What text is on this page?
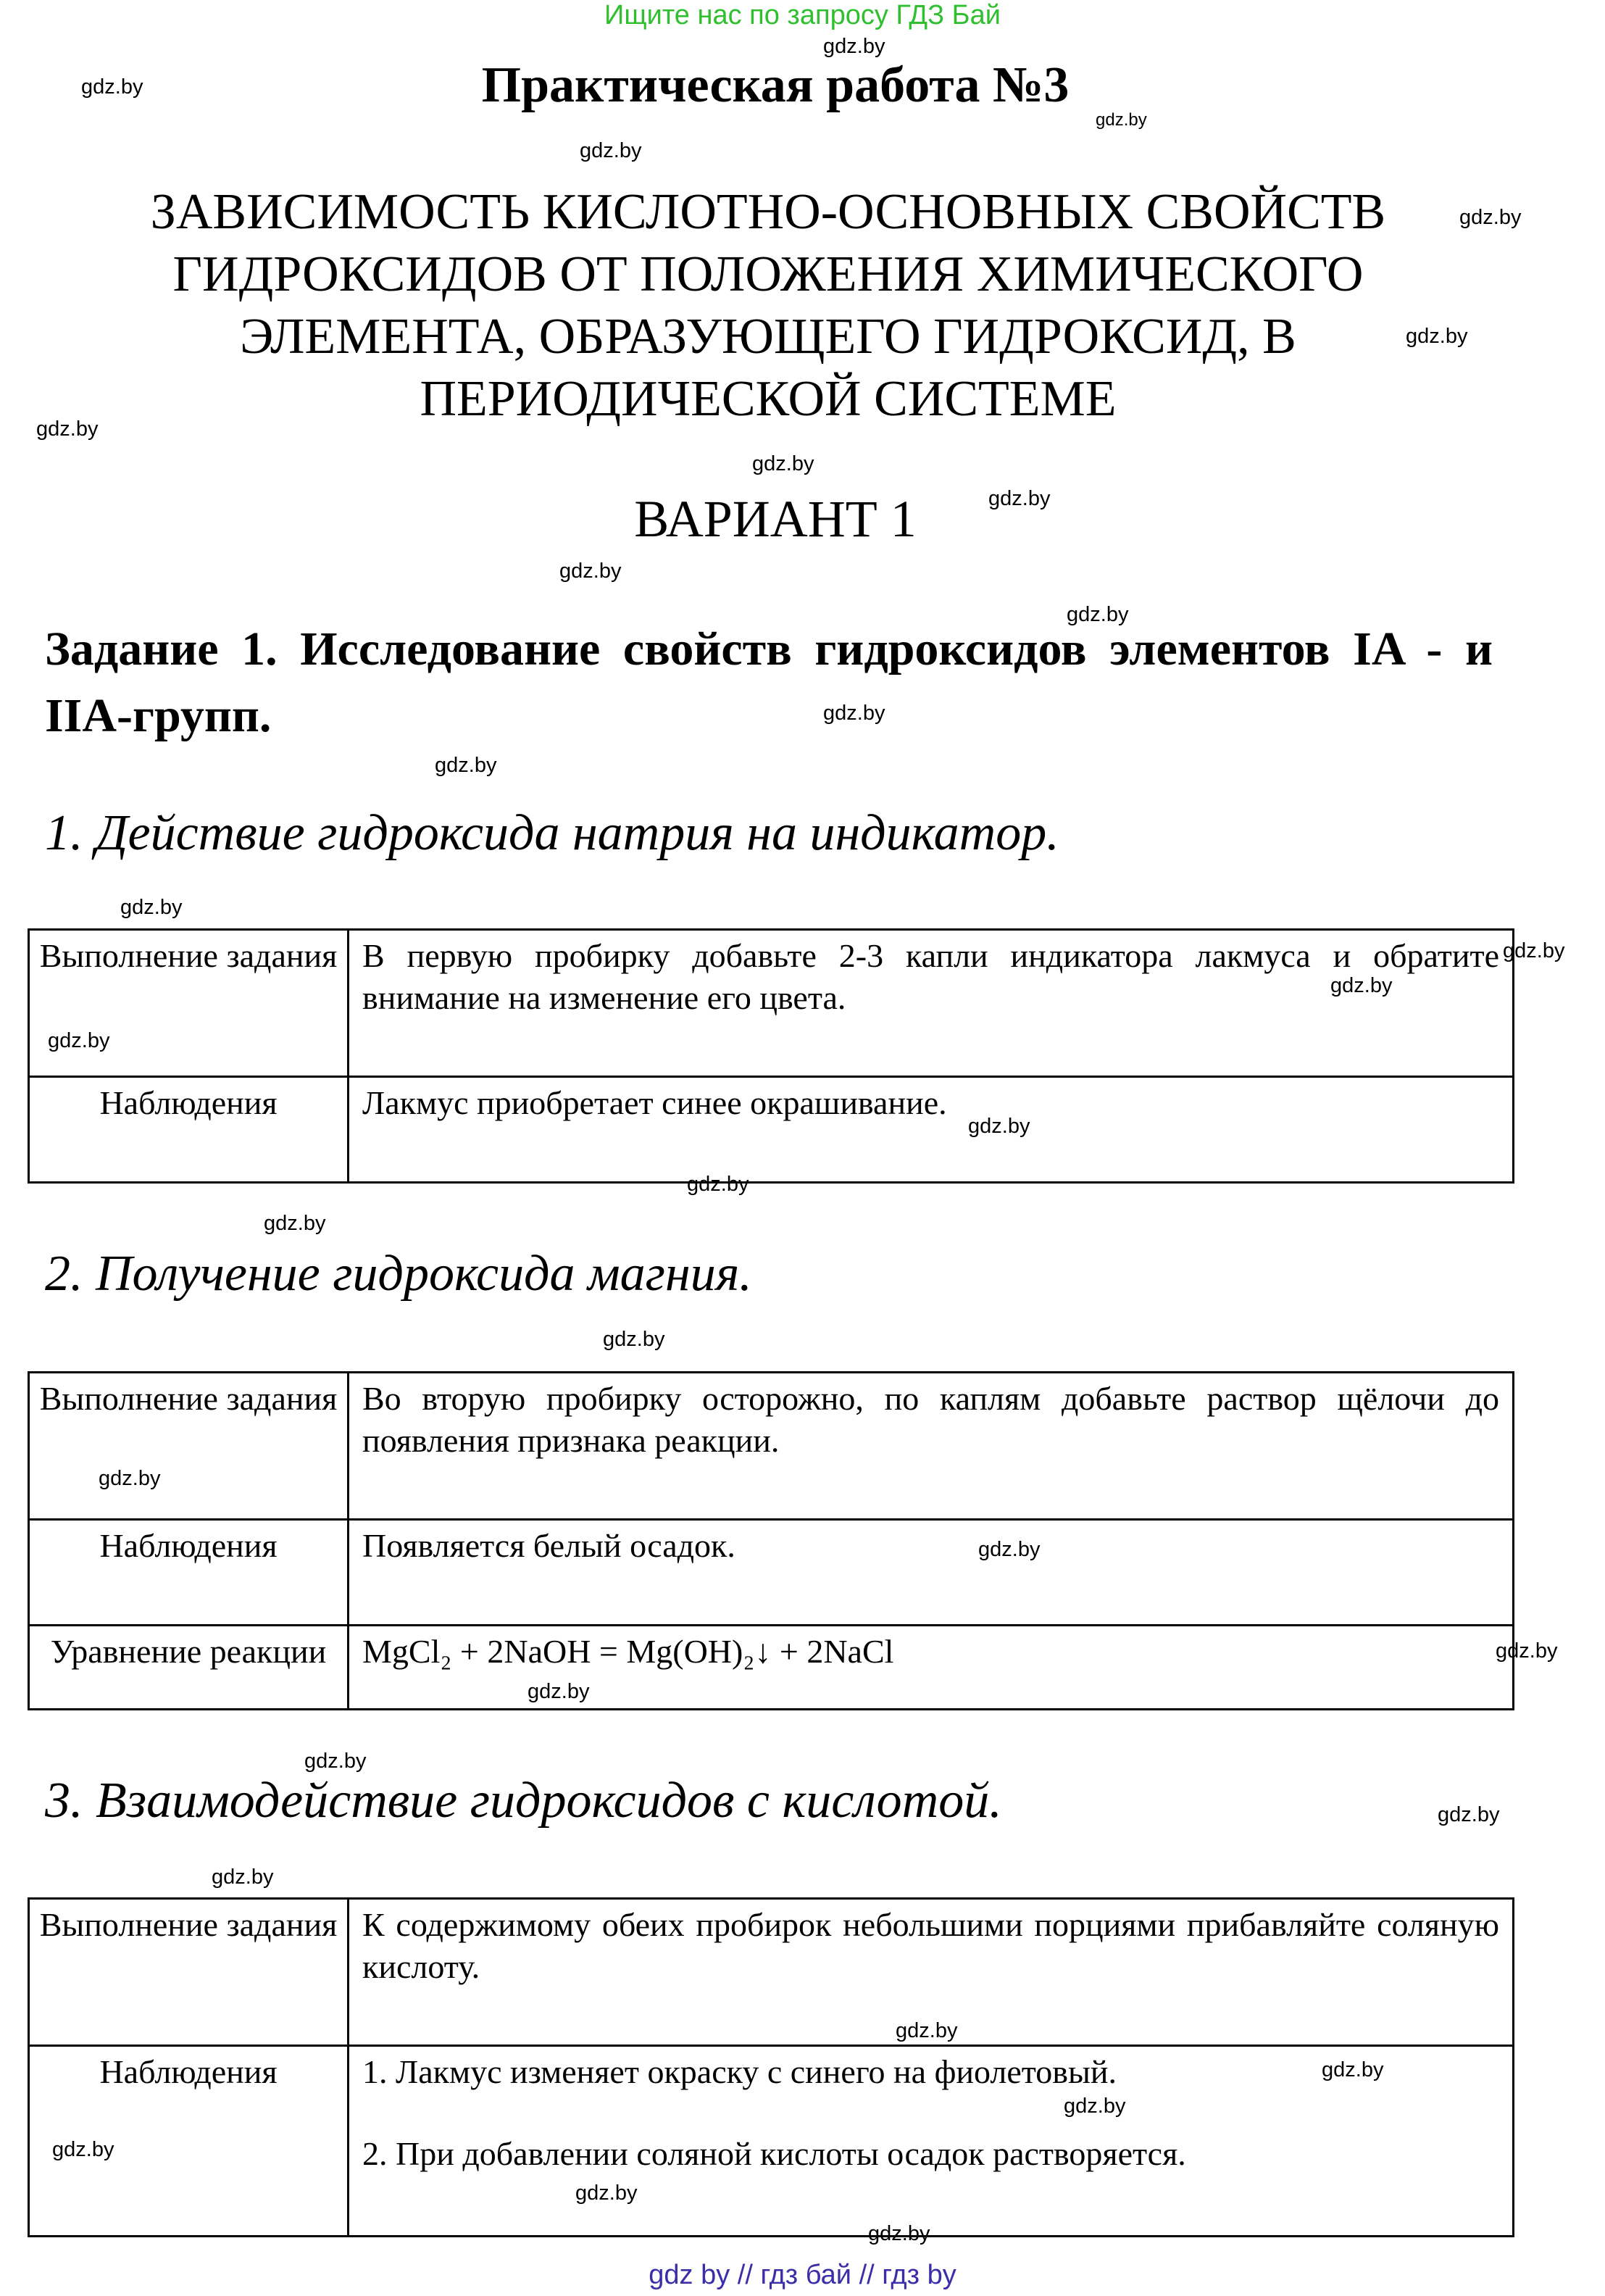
Ищите нас по запросу ГДЗ Бай
Практическая работа №3
ЗАВИСИМОСТЬ КИСЛОТНО-ОСНОВНЫХ СВОЙСТВ ГИДРОКСИДОВ ОТ ПОЛОЖЕНИЯ ХИМИЧЕСКОГО ЭЛЕМЕНТА, ОБРАЗУЮЩЕГО ГИДРОКСИД, В ПЕРИОДИЧЕСКОЙ СИСТЕМЕ
ВАРИАНТ 1
Задание 1. Исследование свойств гидроксидов элементов IA - и IIA-групп.
1. Действие гидроксида натрия на индикатор.
Выполнение задания	В первую пробирку добавьте 2-3 капли индикатора лакмуса и обратите внимание на изменение его цвета.
Наблюдения	Лакмус приобретает синее окрашивание.
2. Получение гидроксида магния.
Выполнение задания	Во вторую пробирку осторожно, по каплям добавьте раствор щёлочи до появления признака реакции.
Наблюдения	Появляется белый осадок.
Уравнение реакции	MgCl₂ + 2NaOH = Mg(OH)₂↓ + 2NaCl
3. Взаимодействие гидроксидов с кислотой.
Выполнение задания	К содержимому обеих пробирок небольшими порциями прибавляйте соляную кислоту.
Наблюдения	1. Лакмус изменяет окраску с синего на фиолетовый.
2. При добавлении соляной кислоты осадок растворяется.
gdz by // гдз бай // гдз by
gdz.by
gdz.by
gdz.by
gdz.by
gdz.by
gdz.by
gdz.by
gdz.by
gdz.by
gdz.by
gdz.by
gdz.by
gdz.by
gdz.by
gdz.by
gdz.by
gdz.by
gdz.by
gdz.by
gdz.by
gdz.by
gdz.by
gdz.by
gdz.by
gdz.by
gdz.by
gdz.by
gdz.by
gdz.by
gdz.by
gdz.by
gdz.by
gdz.by
gdz.by
